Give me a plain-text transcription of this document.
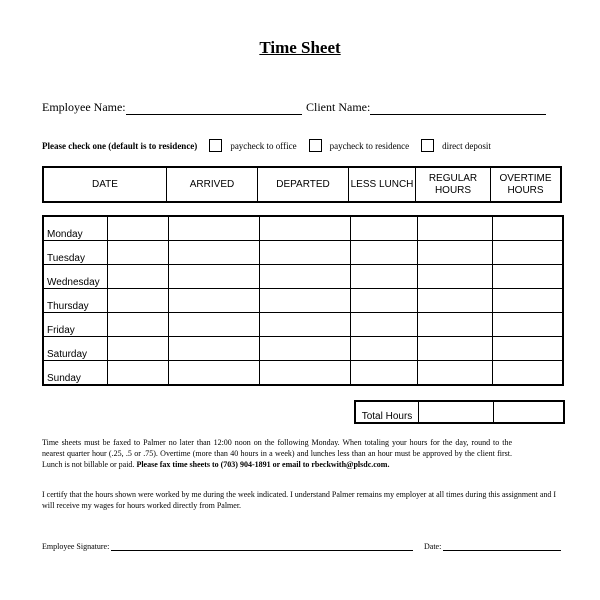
Time Sheet
Employee Name:	Client Name:
Please check one (default is to residence)	paycheck to office	paycheck to residence	direct deposit
DATE	ARRIVED	DEPARTED	LESS LUNCH	REGULAR HOURS	OVERTIME HOURS
Monday						
Tuesday						
Wednesday						
Thursday						
Friday						
Saturday						
Sunday						
Total Hours		
Time sheets must be faxed to Palmer no later than 12:00 noon on the following Monday. When totaling your hours for the day, round to the nearest quarter hour (.25, .5 or .75). Overtime (more than 40 hours in a week) and lunches less than an hour must be approved by the client first. Lunch is not billable or paid. Please fax time sheets to (703) 904-1891 or email to rbeckwith@plsdc.com.
I certify that the hours shown were worked by me during the week indicated. I understand Palmer remains my employer at all times during this assignment and I will receive my wages for hours worked directly from Palmer.
Employee Signature:	Date:
